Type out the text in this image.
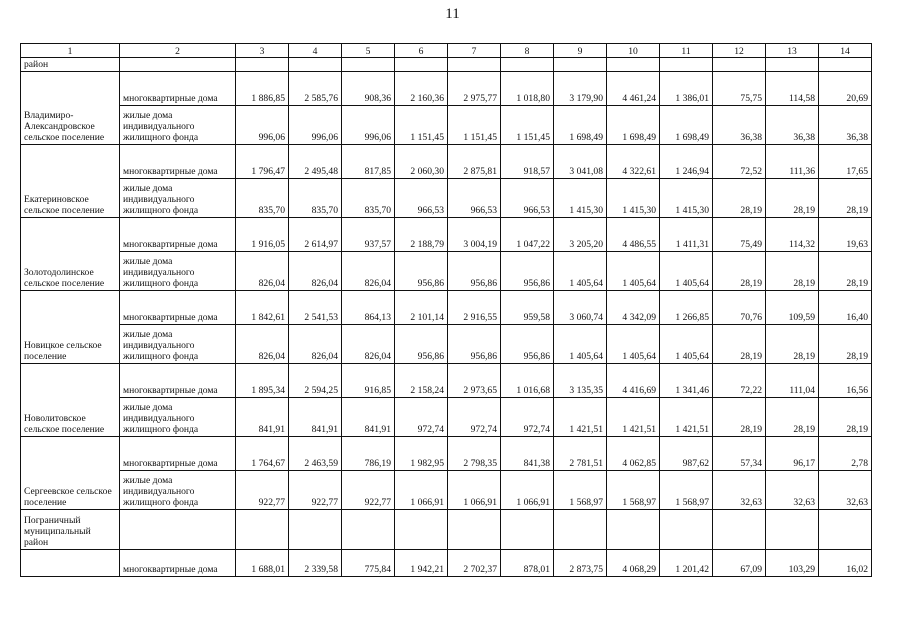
11
1	2	3	4	5	6	7	8	9	10	11	12	13	14
район													
Владимиро-Александровское сельское поселение	многоквартирные дома	1 886,85	2 585,76	908,36	2 160,36	2 975,77	1 018,80	3 179,90	4 461,24	1 386,01	75,75	114,58	20,69
	жилые дома индивидуального жилищного фонда	996,06	996,06	996,06	1 151,45	1 151,45	1 151,45	1 698,49	1 698,49	1 698,49	36,38	36,38	36,38
Екатериновское сельское поселение	многоквартирные дома	1 796,47	2 495,48	817,85	2 060,30	2 875,81	918,57	3 041,08	4 322,61	1 246,94	72,52	111,36	17,65
	жилые дома индивидуального жилищного фонда	835,70	835,70	835,70	966,53	966,53	966,53	1 415,30	1 415,30	1 415,30	28,19	28,19	28,19
Золотодолинское сельское поселение	многоквартирные дома	1 916,05	2 614,97	937,57	2 188,79	3 004,19	1 047,22	3 205,20	4 486,55	1 411,31	75,49	114,32	19,63
	жилые дома индивидуального жилищного фонда	826,04	826,04	826,04	956,86	956,86	956,86	1 405,64	1 405,64	1 405,64	28,19	28,19	28,19
Новицкое сельское поселение	многоквартирные дома	1 842,61	2 541,53	864,13	2 101,14	2 916,55	959,58	3 060,74	4 342,09	1 266,85	70,76	109,59	16,40
	жилые дома индивидуального жилищного фонда	826,04	826,04	826,04	956,86	956,86	956,86	1 405,64	1 405,64	1 405,64	28,19	28,19	28,19
Новолитовское сельское поселение	многоквартирные дома	1 895,34	2 594,25	916,85	2 158,24	2 973,65	1 016,68	3 135,35	4 416,69	1 341,46	72,22	111,04	16,56
	жилые дома индивидуального жилищного фонда	841,91	841,91	841,91	972,74	972,74	972,74	1 421,51	1 421,51	1 421,51	28,19	28,19	28,19
Сергеевское сельское поселение	многоквартирные дома	1 764,67	2 463,59	786,19	1 982,95	2 798,35	841,38	2 781,51	4 062,85	987,62	57,34	96,17	2,78
	жилые дома индивидуального жилищного фонда	922,77	922,77	922,77	1 066,91	1 066,91	1 066,91	1 568,97	1 568,97	1 568,97	32,63	32,63	32,63
Пограничный муниципальный район													
	многоквартирные дома	1 688,01	2 339,58	775,84	1 942,21	2 702,37	878,01	2 873,75	4 068,29	1 201,42	67,09	103,29	16,02
